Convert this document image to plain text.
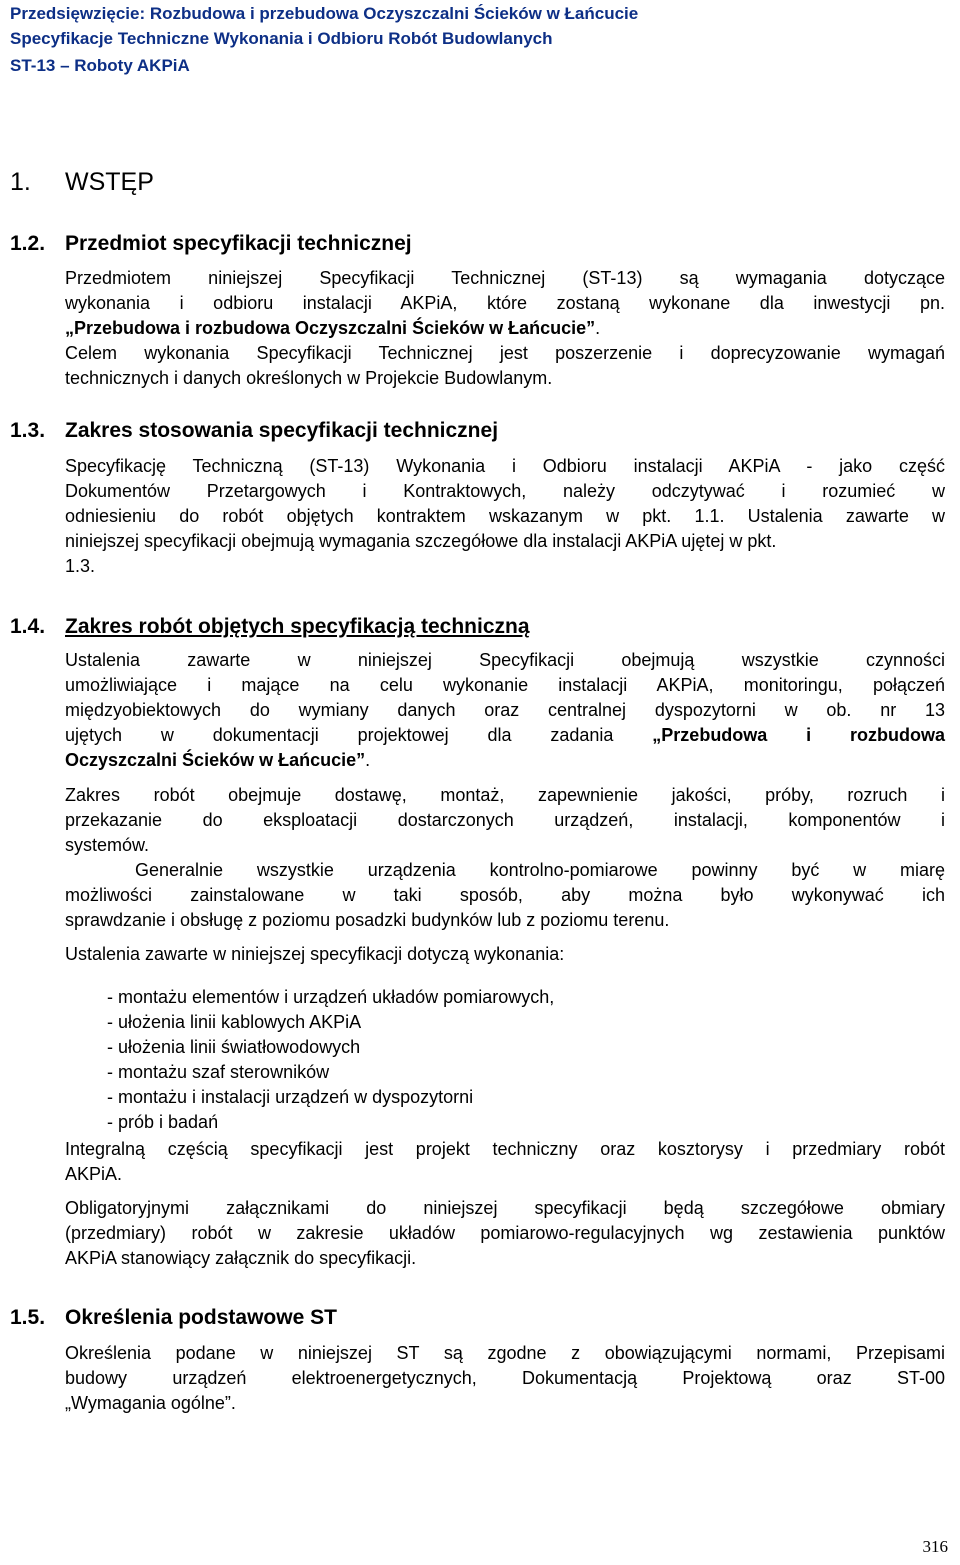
Przedsięwzięcie: Rozbudowa i przebudowa Oczyszczalni Ścieków w Łańcucie
Specyfikacje Techniczne Wykonania i Odbioru Robót Budowlanych
ST-13 – Roboty AKPiA
1. WSTĘP
1.2. Przedmiot specyfikacji technicznej
Przedmiotem niniejszej Specyfikacji Technicznej (ST-13) są wymagania dotyczące
wykonania i odbioru instalacji AKPiA, które zostaną wykonane dla inwestycji pn.
„Przebudowa i rozbudowa Oczyszczalni Ścieków w Łańcucie”.
Celem wykonania Specyfikacji Technicznej jest poszerzenie i doprecyzowanie wymagań
technicznych i danych określonych w Projekcie Budowlanym.
1.3. Zakres stosowania specyfikacji technicznej
Specyfikację Techniczną (ST-13) Wykonania i Odbioru instalacji AKPiA - jako część
Dokumentów Przetargowych i Kontraktowych, należy odczytywać i rozumieć w
odniesieniu do robót objętych kontraktem wskazanym w pkt. 1.1. Ustalenia zawarte w
niniejszej specyfikacji obejmują wymagania szczegółowe dla instalacji AKPiA ujętej w pkt.
1.3.
1.4. Zakres robót objętych specyfikacją techniczną
Ustalenia zawarte w niniejszej Specyfikacji obejmują wszystkie czynności
umożliwiające i mające na celu wykonanie instalacji AKPiA, monitoringu, połączeń
międzyobiektowych do wymiany danych oraz centralnej dyspozytorni w ob. nr 13
ujętych w dokumentacji projektowej dla zadania „Przebudowa i rozbudowa
Oczyszczalni Ścieków w Łańcucie”.
Zakres robót obejmuje dostawę, montaż, zapewnienie jakości, próby, rozruch i
przekazanie do eksploatacji dostarczonych urządzeń, instalacji, komponentów i
systemów.
Generalnie wszystkie urządzenia kontrolno-pomiarowe powinny być w miarę
możliwości zainstalowane w taki sposób, aby można było wykonywać ich
sprawdzanie i obsługę z poziomu posadzki budynków lub z poziomu terenu.
Ustalenia zawarte w niniejszej specyfikacji dotyczą wykonania:
- montażu elementów i urządzeń układów pomiarowych,
- ułożenia linii kablowych AKPiA
- ułożenia linii światłowodowych
- montażu szaf sterowników
- montażu i instalacji urządzeń w dyspozytorni
- prób i badań
Integralną częścią specyfikacji jest projekt techniczny oraz kosztorysy i przedmiary robót
AKPiA.
Obligatoryjnymi załącznikami do niniejszej specyfikacji będą szczegółowe obmiary
(przedmiary) robót w zakresie układów pomiarowo-regulacyjnych wg zestawienia punktów
AKPiA stanowiący załącznik do specyfikacji.
1.5. Określenia podstawowe ST
Określenia podane w niniejszej ST są zgodne z obowiązującymi normami, Przepisami
budowy urządzeń elektroenergetycznych, Dokumentacją Projektową oraz ST-00
„Wymagania ogólne”.
316
